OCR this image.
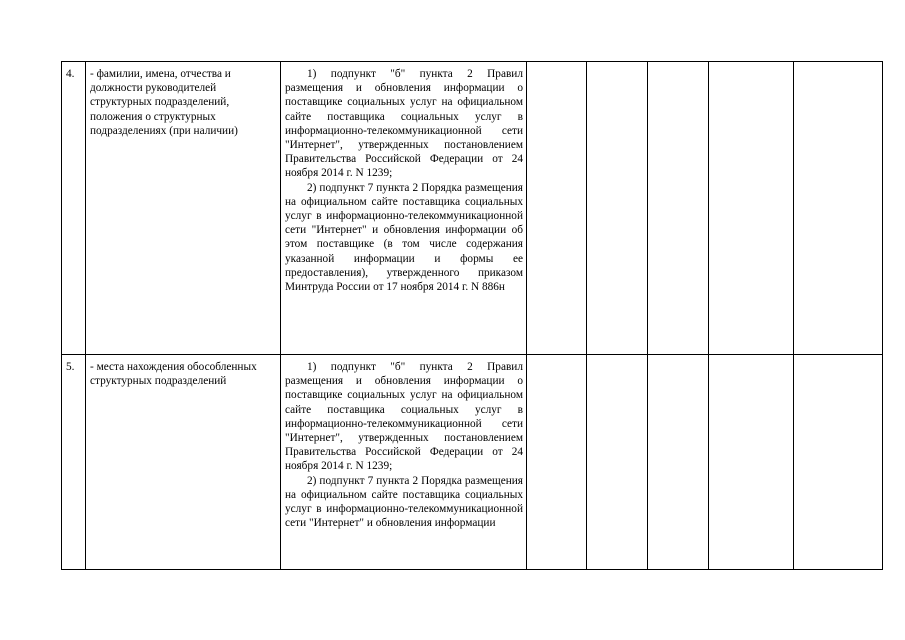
4.	- фамилии, имена, отчества и должности руководителей структурных подразделений, положения о структурных подразделениях (при наличии)	1) подпункт "б" пункта 2 Правил размещения и обновления информации о поставщике социальных услуг на официальном сайте поставщика социальных услуг в информационно-телекоммуникационной сети "Интернет", утвержденных постановлением Правительства Российской Федерации от 24 ноября 2014 г. N 1239;

2) подпункт 7 пункта 2 Порядка размещения на официальном сайте поставщика социальных услуг в информационно-телекоммуникационной сети "Интернет" и обновления информации об этом поставщике (в том числе содержания указанной информации и формы ее предоставления), утвержденного приказом Минтруда России от 17 ноября 2014 г. N 886н					

5.	- места нахождения обособленных структурных подразделений	1) подпункт "б" пункта 2 Правил размещения и обновления информации о поставщике социальных услуг на официальном сайте поставщика социальных услуг в информационно-телекоммуникационной сети "Интернет", утвержденных постановлением Правительства Российской Федерации от 24 ноября 2014 г. N 1239;

2) подпункт 7 пункта 2 Порядка размещения на официальном сайте поставщика социальных услуг в информационно-телекоммуникационной сети "Интернет" и обновления информации					
